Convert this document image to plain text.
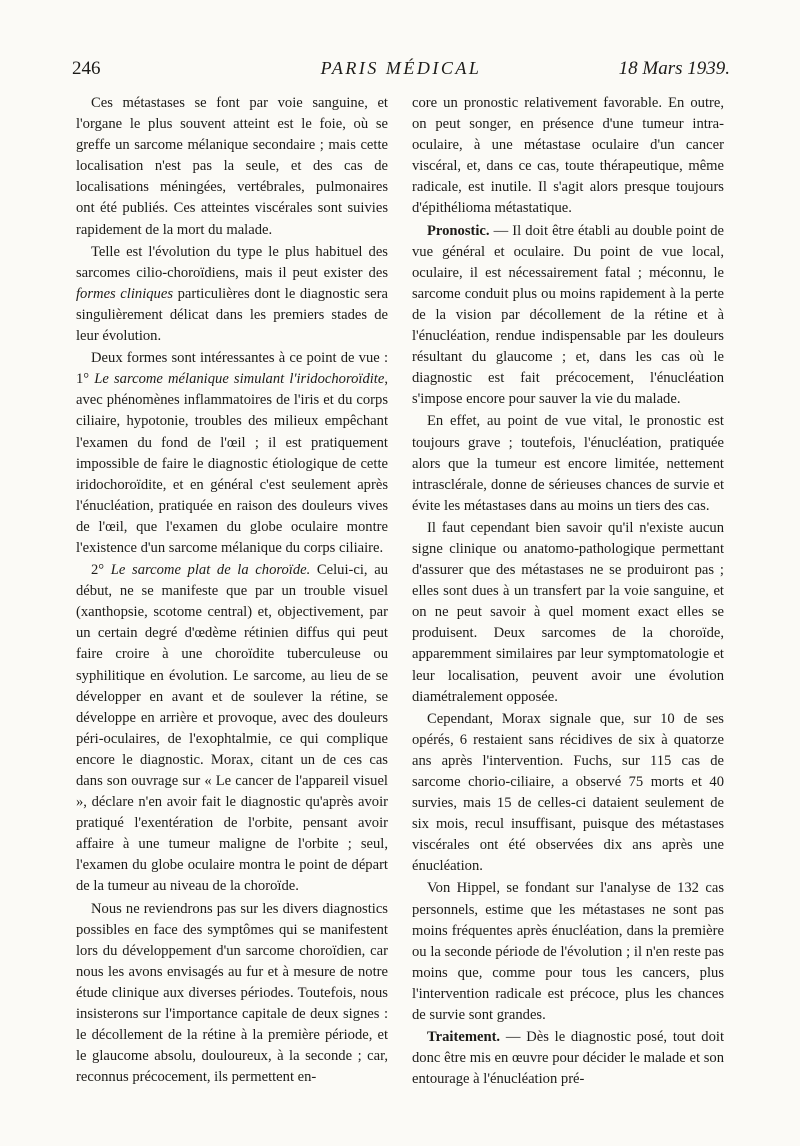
246	PARIS MÉDICAL	18 Mars 1939.

Ces métastases se font par voie sanguine, et l'organe le plus souvent atteint est le foie, où se greffe un sarcome mélanique secondaire ; mais cette localisation n'est pas la seule, et des cas de localisations méningées, vertébrales, pulmonaires ont été publiés. Ces atteintes viscérales sont suivies rapidement de la mort du malade.

Telle est l'évolution du type le plus habituel des sarcomes cilio-choroïdiens, mais il peut exister des formes cliniques particulières dont le diagnostic sera singulièrement délicat dans les premiers stades de leur évolution.

Deux formes sont intéressantes à ce point de vue : 1° Le sarcome mélanique simulant l'iridochoroïdite, avec phénomènes inflammatoires de l'iris et du corps ciliaire, hypotonie, troubles des milieux empêchant l'examen du fond de l'œil ; il est pratiquement impossible de faire le diagnostic étiologique de cette iridochoroïdite, et en général c'est seulement après l'énucléation, pratiquée en raison des douleurs vives de l'œil, que l'examen du globe oculaire montre l'existence d'un sarcome mélanique du corps ciliaire.

2° Le sarcome plat de la choroïde. Celui-ci, au début, ne se manifeste que par un trouble visuel (xanthopsie, scotome central) et, objectivement, par un certain degré d'œdème rétinien diffus qui peut faire croire à une choroïdite tuberculeuse ou syphilitique en évolution. Le sarcome, au lieu de se développer en avant et de soulever la rétine, se développe en arrière et provoque, avec des douleurs péri-oculaires, de l'exophtalmie, ce qui complique encore le diagnostic. Morax, citant un de ces cas dans son ouvrage sur « Le cancer de l'appareil visuel », déclare n'en avoir fait le diagnostic qu'après avoir pratiqué l'exentération de l'orbite, pensant avoir affaire à une tumeur maligne de l'orbite ; seul, l'examen du globe oculaire montra le point de départ de la tumeur au niveau de la choroïde.

Nous ne reviendrons pas sur les divers diagnostics possibles en face des symptômes qui se manifestent lors du développement d'un sarcome choroïdien, car nous les avons envisagés au fur et à mesure de notre étude clinique aux diverses périodes. Toutefois, nous insisterons sur l'importance capitale de deux signes : le décollement de la rétine à la première période, et le glaucome absolu, douloureux, à la seconde ; car, reconnus précocement, ils permettent en-

core un pronostic relativement favorable. En outre, on peut songer, en présence d'une tumeur intra-oculaire, à une métastase oculaire d'un cancer viscéral, et, dans ce cas, toute thérapeutique, même radicale, est inutile. Il s'agit alors presque toujours d'épithélioma métastatique.

Pronostic. — Il doit être établi au double point de vue général et oculaire. Du point de vue local, oculaire, il est nécessairement fatal ; méconnu, le sarcome conduit plus ou moins rapidement à la perte de la vision par décollement de la rétine et à l'énucléation, rendue indispensable par les douleurs résultant du glaucome ; et, dans les cas où le diagnostic est fait précocement, l'énucléation s'impose encore pour sauver la vie du malade.

En effet, au point de vue vital, le pronostic est toujours grave ; toutefois, l'énucléation, pratiquée alors que la tumeur est encore limitée, nettement intrasclérale, donne de sérieuses chances de survie et évite les métastases dans au moins un tiers des cas.

Il faut cependant bien savoir qu'il n'existe aucun signe clinique ou anatomo-pathologique permettant d'assurer que des métastases ne se produiront pas ; elles sont dues à un transfert par la voie sanguine, et on ne peut savoir à quel moment exact elles se produisent. Deux sarcomes de la choroïde, apparemment similaires par leur symptomatologie et leur localisation, peuvent avoir une évolution diamétralement opposée.

Cependant, Morax signale que, sur 10 de ses opérés, 6 restaient sans récidives de six à quatorze ans après l'intervention. Fuchs, sur 115 cas de sarcome chorio-ciliaire, a observé 75 morts et 40 survies, mais 15 de celles-ci dataient seulement de six mois, recul insuffisant, puisque des métastases viscérales ont été observées dix ans après une énucléation.

Von Hippel, se fondant sur l'analyse de 132 cas personnels, estime que les métastases ne sont pas moins fréquentes après énucléation, dans la première ou la seconde période de l'évolution ; il n'en reste pas moins que, comme pour tous les cancers, plus l'intervention radicale est précoce, plus les chances de survie sont grandes.

Traitement. — Dès le diagnostic posé, tout doit donc être mis en œuvre pour décider le malade et son entourage à l'énucléation pré-
